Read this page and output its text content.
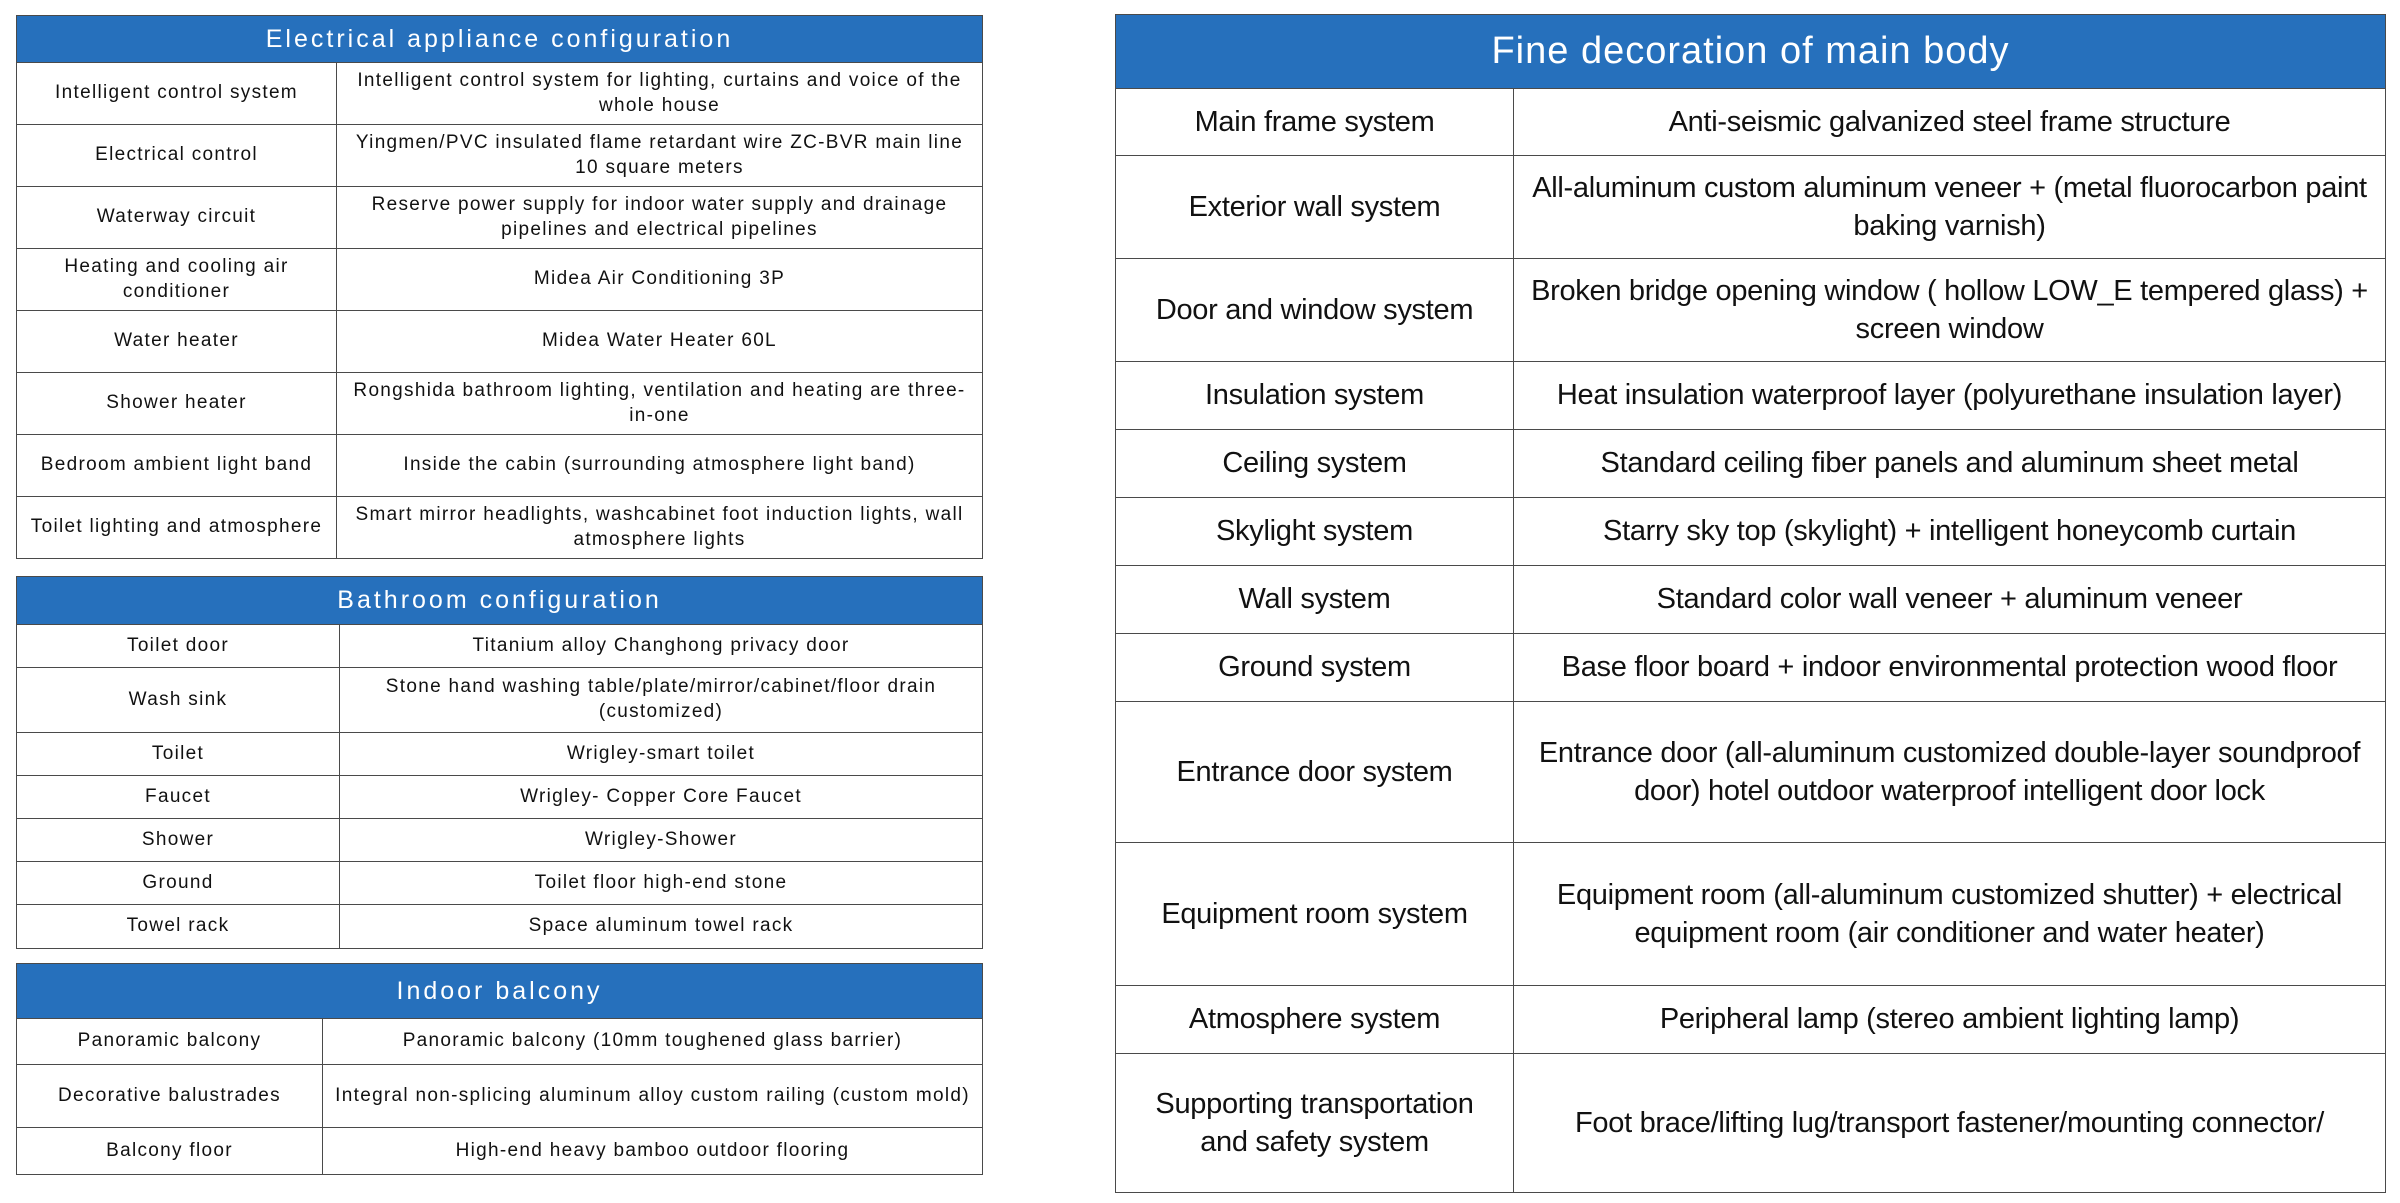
Electrical appliance configuration	
Intelligent control system	Intelligent control system for lighting, curtains and voice of the whole house
Electrical control	Yingmen/PVC insulated flame retardant wire ZC-BVR main line 10 square meters
Waterway circuit	Reserve power supply for indoor water supply and drainage pipelines and electrical pipelines
Heating and cooling air conditioner	Midea Air Conditioning 3P
Water heater	Midea Water Heater 60L
Shower heater	Rongshida bathroom lighting, ventilation and heating are three-in-one
Bedroom ambient light band	Inside the cabin (surrounding atmosphere light band)
Toilet lighting and atmosphere	Smart mirror headlights, washcabinet foot induction lights, wall atmosphere lights
Bathroom configuration	
Toilet door	Titanium alloy Changhong privacy door
Wash sink	Stone hand washing table/plate/mirror/cabinet/floor drain (customized)
Toilet	Wrigley-smart toilet
Faucet	Wrigley- Copper Core Faucet
Shower	Wrigley-Shower
Ground	Toilet floor high-end stone
Towel rack	Space aluminum towel rack
Indoor balcony	
Panoramic balcony	Panoramic balcony (10mm toughened glass barrier)
Decorative balustrades	Integral non-splicing aluminum alloy custom railing (custom mold)
Balcony floor	High-end heavy bamboo outdoor flooring
Fine decoration of main body	
Main frame system	Anti-seismic galvanized steel frame structure
Exterior wall system	All-aluminum custom aluminum veneer + (metal fluorocarbon paint baking varnish)
Door and window system	Broken bridge opening window ( hollow LOW_E tempered glass) + screen window
Insulation system	Heat insulation waterproof layer (polyurethane insulation layer)
Ceiling system	Standard ceiling fiber panels and aluminum sheet metal
Skylight system	Starry sky top (skylight) + intelligent honeycomb curtain
Wall system	Standard color wall veneer + aluminum veneer
Ground system	Base floor board + indoor environmental protection wood floor
Entrance door system	Entrance door (all-aluminum customized double-layer soundproof door) hotel outdoor waterproof intelligent door lock
Equipment room system	Equipment room (all-aluminum customized shutter) + electrical equipment room (air conditioner and water heater)
Atmosphere system	Peripheral lamp (stereo ambient lighting lamp)
Supporting transportation and safety system	Foot brace/lifting lug/transport fastener/mounting connector/
